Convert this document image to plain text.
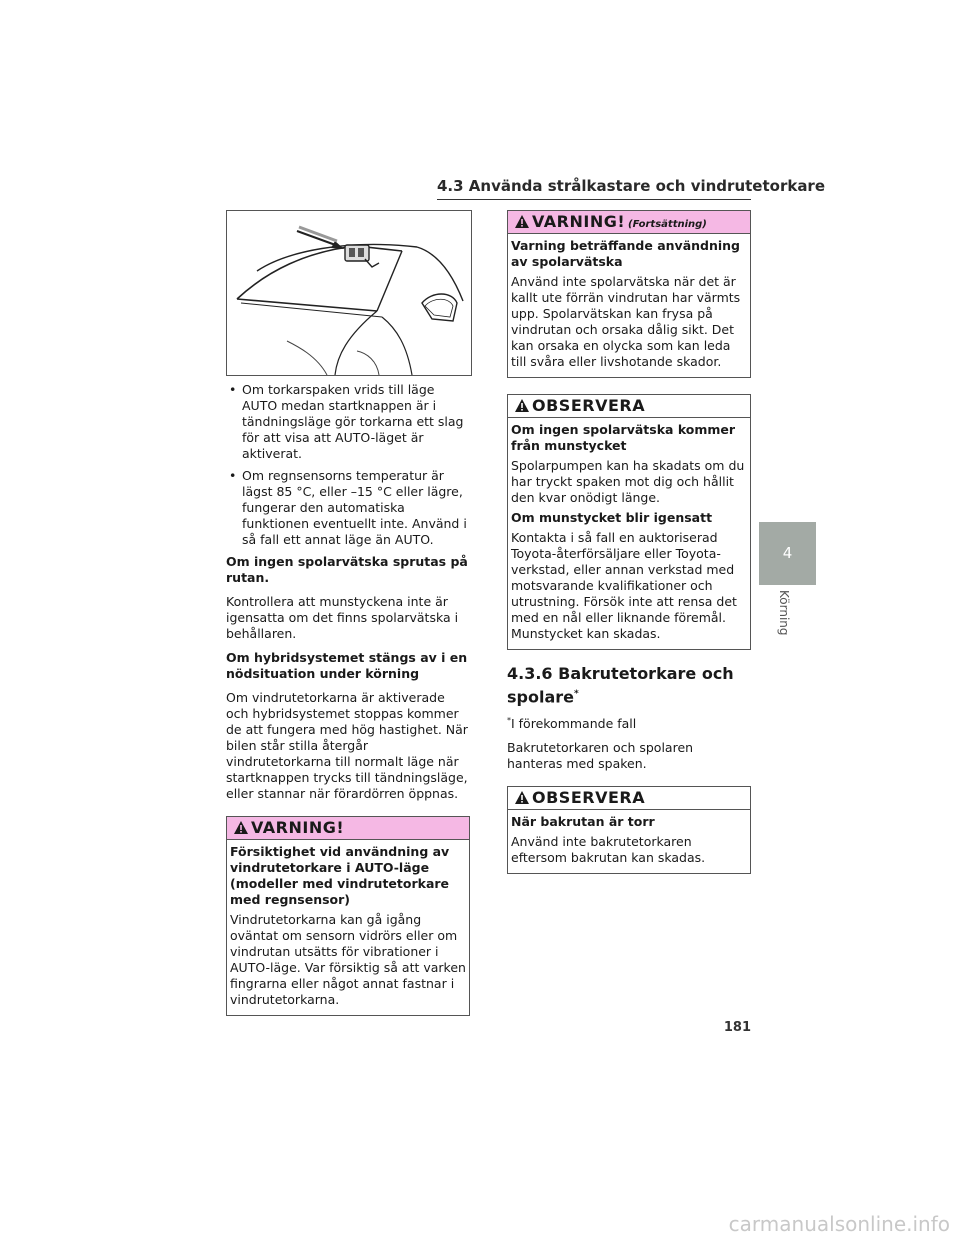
4.3 Använda strålkastare och vindrutetorkare
• Om torkarspaken vrids till läge AUTO medan startknappen är i tändningsläge gör torkarna ett slag för att visa att AUTO-läget är aktiverat.
• Om regnsensorns temperatur är lägst 85 °C, eller –15 °C eller lägre, fungerar den automatiska funktionen eventuellt inte. Använd i så fall ett annat läge än AUTO.
Om ingen spolarvätska sprutas på rutan.

Kontrollera att munstyckena inte är igensatta om det finns spolarvätska i behållaren.

Om hybridsystemet stängs av i en nödsituation under körning

Om vindrutetorkarna är aktiverade och hybridsystemet stoppas kommer de att fungera med hög hastighet. När bilen står stilla återgår vindrutetorkarna till normalt läge när startknappen trycks till tändningsläge, eller stannar när förardörren öppnas.

VARNING!
Försiktighet vid användning av vindrutetorkare i AUTO-läge (modeller med vindrutetorkare med regnsensor)

Vindrutetorkarna kan gå igång oväntat om sensorn vidrörs eller om vindrutan utsätts för vibrationer i AUTO-läge. Var försiktig så att varken fingrarna eller något annat fastnar i vindrutetorkarna.

VARNING! (Fortsättning)
Varning beträffande användning av spolarvätska

Använd inte spolarvätska när det är kallt ute förrän vindrutan har värmts upp. Spolarvätskan kan frysa på vindrutan och orsaka dålig sikt. Det kan orsaka en olycka som kan leda till svåra eller livshotande skador.

OBSERVERA
Om ingen spolarvätska kommer från munstycket

Spolarpumpen kan ha skadats om du har tryckt spaken mot dig och hållit den kvar onödigt länge.

Om munstycket blir igensatt

Kontakta i så fall en auktoriserad Toyota-återförsäljare eller Toyota-verkstad, eller annan verkstad med motsvarande kvalifikationer och utrustning. Försök inte att rensa det med en nål eller liknande föremål. Munstycket kan skadas.

4.3.6 Bakrutetorkare och spolare*

*I förekommande fall

Bakrutetorkaren och spolaren hanteras med spaken.

OBSERVERA
När bakrutan är torr

Använd inte bakrutetorkaren eftersom bakrutan kan skadas.

4
Körning
181
carmanualsonline.info
